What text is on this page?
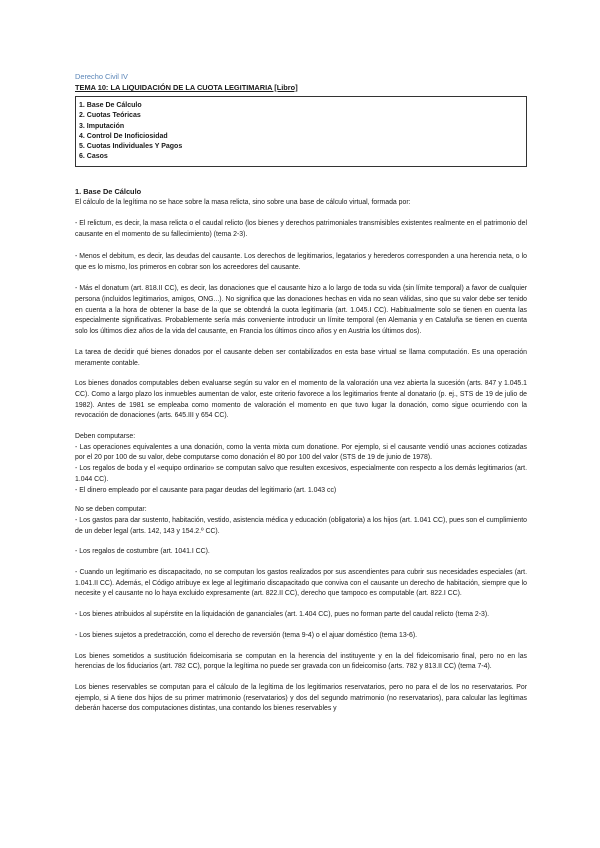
Derecho Civil IV
TEMA 10: LA LIQUIDACIÓN DE LA CUOTA LEGITIMARIA [Libro]
1. Base De Cálculo
2. Cuotas Teóricas
3. Imputación
4. Control De Inoficiosidad
5. Cuotas Individuales Y Pagos
6. Casos
1. Base De Cálculo

El cálculo de la legítima no se hace sobre la masa relicta, sino sobre una base de cálculo virtual, formada por:

- El relictum, es decir, la masa relicta o el caudal relicto (los bienes y derechos patrimoniales transmisibles existentes realmente en el patrimonio del causante en el momento de su fallecimiento) (tema 2-3).

- Menos el debitum, es decir, las deudas del causante. Los derechos de legitimarios, legatarios y herederos corresponden a una herencia neta, o lo que es lo mismo, los primeros en cobrar son los acreedores del causante.

- Más el donatum (art. 818.II CC), es decir, las donaciones que el causante hizo a lo largo de toda su vida (sin límite temporal) a favor de cualquier persona (incluidos legitimarios, amigos, ONG...). No significa que las donaciones hechas en vida no sean válidas, sino que su valor debe ser tenido en cuenta a la hora de obtener la base de la que se obtendrá la cuota legitimaria (art. 1.045.I CC). Habitualmente solo se tienen en cuenta las especialmente significativas. Probablemente sería más conveniente introducir un límite temporal (en Alemania y en Cataluña se tienen en cuenta solo los últimos diez años de la vida del causante, en Francia los últimos cinco años y en Austria los últimos dos).

La tarea de decidir qué bienes donados por el causante deben ser contabilizados en esta base virtual se llama computación. Es una operación meramente contable.

Los bienes donados computables deben evaluarse según su valor en el momento de la valoración una vez abierta la sucesión (arts. 847 y 1.045.1 CC). Como a largo plazo los inmuebles aumentan de valor, este criterio favorece a los legitimarios frente al donatario (p. ej., STS de 19 de julio de 1982). Antes de 1981 se empleaba como momento de valoración el momento en que tuvo lugar la donación, como sigue ocurriendo con la revocación de donaciones (arts. 645.III y 654 CC).

Deben computarse:

- Las operaciones equivalentes a una donación, como la venta mixta cum donatione. Por ejemplo, si el causante vendió unas acciones cotizadas por el 20 por 100 de su valor, debe computarse como donación el 80 por 100 del valor (STS de 19 de junio de 1978).

- Los regalos de boda y el «equipo ordinario» se computan salvo que resulten excesivos, especialmente con respecto a los demás legitimarios (art. 1.044 CC).

- El dinero empleado por el causante para pagar deudas del legitimario (art. 1.043 cc)

No se deben computar:

- Los gastos para dar sustento, habitación, vestido, asistencia médica y educación (obligatoria) a los hijos (art. 1.041 CC), pues son el cumplimiento de un deber legal (arts. 142, 143 y 154.2.º CC).

- Los regalos de costumbre (art. 1041.I CC).

- Cuando un legitimario es discapacitado, no se computan los gastos realizados por sus ascendientes para cubrir sus necesidades especiales (art. 1.041.II CC). Además, el Código atribuye ex lege al legitimario discapacitado que conviva con el causante un derecho de habitación, siempre que lo necesite y el causante no lo haya excluido expresamente (art. 822.II CC), derecho que tampoco es computable (art. 822.I CC).

- Los bienes atribuidos al supérstite en la liquidación de gananciales (art. 1.404 CC), pues no forman parte del caudal relicto (tema 2-3).

- Los bienes sujetos a predetracción, como el derecho de reversión (tema 9-4) o el ajuar doméstico (tema 13-6).

Los bienes sometidos a sustitución fideicomisaria se computan en la herencia del instituyente y en la del fideicomisario final, pero no en las herencias de los fiduciarios (art. 782 CC), porque la legítima no puede ser gravada con un fideicomiso (arts. 782 y 813.II CC) (tema 7-4).

Los bienes reservables se computan para el cálculo de la legítima de los legitimarios reservatarios, pero no para el de los no reservatarios. Por ejemplo, si A tiene dos hijos de su primer matrimonio (reservatarios) y dos del segundo matrimonio (no reservatarios), para calcular las legítimas deberán hacerse dos computaciones distintas, una contando los bienes reservables y
